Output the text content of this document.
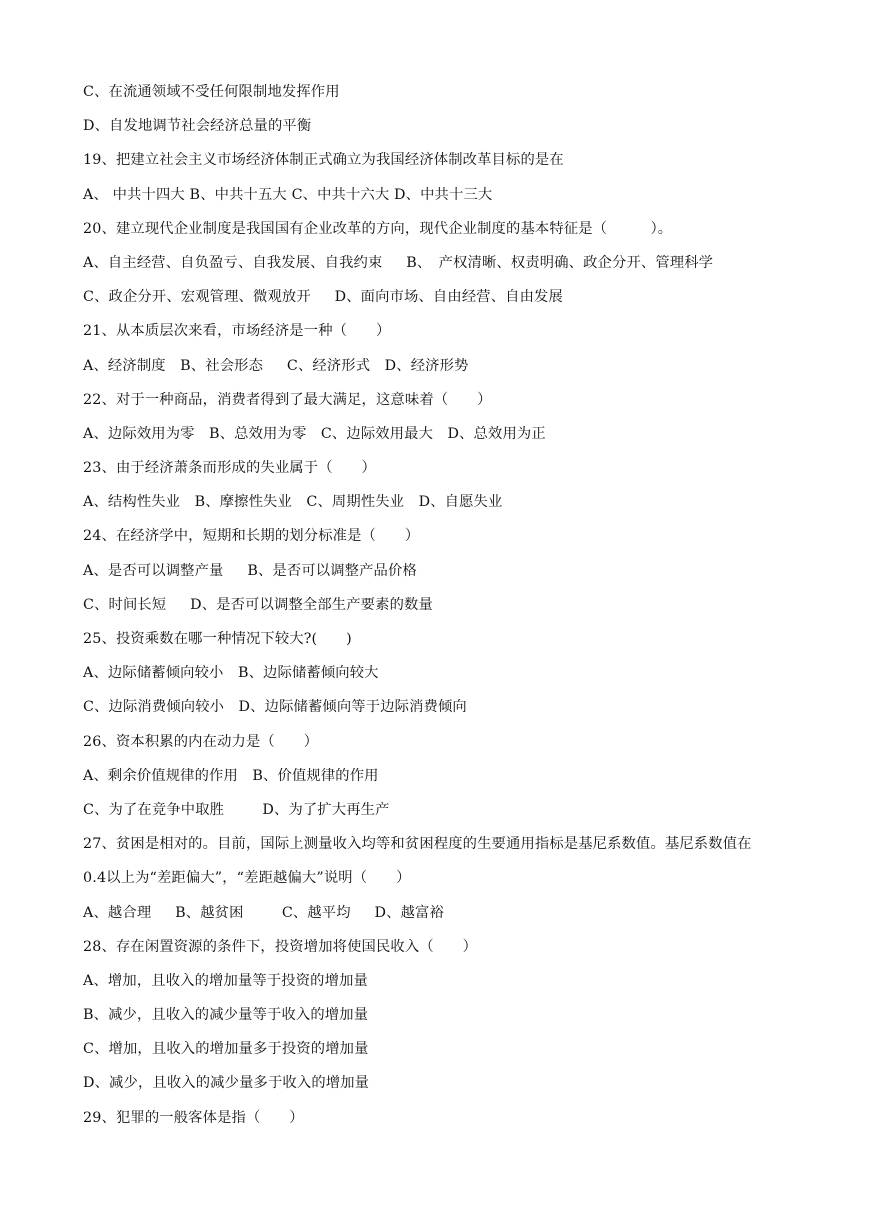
C、在流通领域不受任何限制地发挥作用
D、自发地调节社会经济总量的平衡
19、把建立社会主义市场经济体制正式确立为我国经济体制改革目标的是在
A、 中共十四大 B、中共十五大 C、中共十六大 D、中共十三大
20、建立现代企业制度是我国国有企业改革的方向，现代企业制度的基本特征是（　　　）。
A、自主经营、自负盈亏、自我发展、自我约束　  B、　产权清晰、权责明确、政企分开、管理科学
C、政企分开、宏观管理、微观放开　  D、面向市场、自由经营、自由发展
21、从本质层次来看，市场经济是一种（　　）
A、经济制度　B、社会形态　  C、经济形式　D、经济形势
22、对于一种商品，消费者得到了最大满足，这意味着（　　）
A、边际效用为零　B、总效用为零　C、边际效用最大　D、总效用为正
23、由于经济萧条而形成的失业属于（　　）
A、结构性失业　B、摩擦性失业　C、周期性失业　D、自愿失业
24、在经济学中，短期和长期的划分标准是（　　）
A、是否可以调整产量　  B、是否可以调整产品价格
C、时间长短　  D、是否可以调整全部生产要素的数量
25、投资乘数在哪一种情况下较大?(　　)
A、边际储蓄倾向较小　B、边际储蓄倾向较大
C、边际消费倾向较小　D、边际储蓄倾向等于边际消费倾向
26、资本积累的内在动力是（　　）
A、剩余价值规律的作用　B、价值规律的作用
C、为了在竞争中取胜　　  D、为了扩大再生产
27、贫困是相对的。目前，国际上测量收入均等和贫困程度的生要通用指标是基尼系数值。基尼系数值在
0.4以上为“差距偏大”，“差距越偏大”说明（　　）
A、越合理　  B、越贫困　　  C、越平均　  D、越富裕
28、存在闲置资源的条件下，投资增加将使国民收入（　　）
A、增加，且收入的增加量等于投资的增加量
B、减少，且收入的减少量等于收入的增加量
C、增加，且收入的增加量多于投资的增加量
D、减少，且收入的减少量多于收入的增加量
29、犯罪的一般客体是指（　　）
